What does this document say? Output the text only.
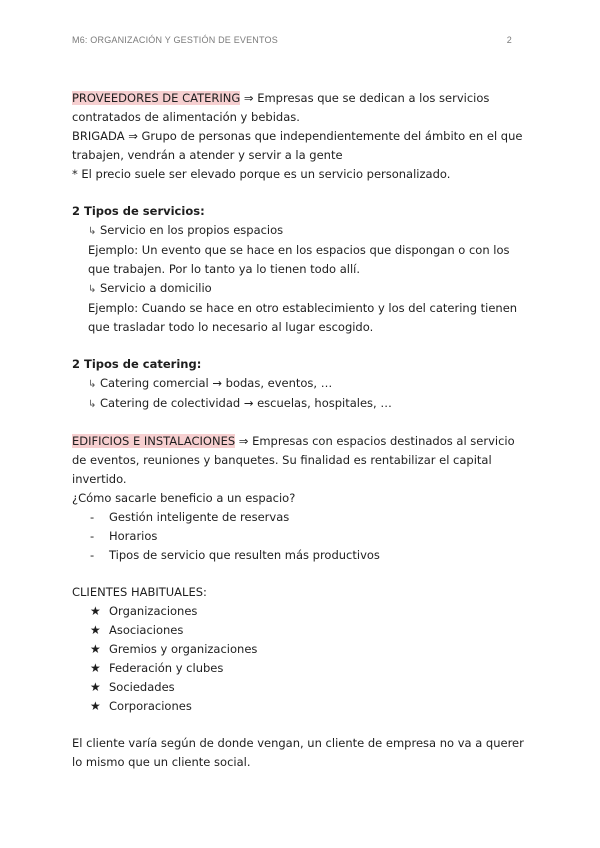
M6: ORGANIZACIÓN Y GESTIÓN DE EVENTOS	2

PROVEEDORES DE CATERING ⇒ Empresas que se dedican a los servicios contratados de alimentación y bebidas.

BRIGADA ⇒ Grupo de personas que independientemente del ámbito en el que trabajen, vendrán a atender y servir a la gente

* El precio suele ser elevado porque es un servicio personalizado.

2 Tipos de servicios:

↳ Servicio en los propios espacios

Ejemplo: Un evento que se hace en los espacios que dispongan o con los que trabajen. Por lo tanto ya lo tienen todo allí.

↳ Servicio a domicilio

Ejemplo: Cuando se hace en otro establecimiento y los del catering tienen que trasladar todo lo necesario al lugar escogido.

2 Tipos de catering:

↳ Catering comercial → bodas, eventos, …

↳ Catering de colectividad → escuelas, hospitales, …

EDIFICIOS E INSTALACIONES ⇒ Empresas con espacios destinados al servicio de eventos, reuniones y banquetes. Su finalidad es rentabilizar el capital invertido.

¿Cómo sacarle beneficio a un espacio?

- Gestión inteligente de reservas

- Horarios

- Tipos de servicio que resulten más productivos

CLIENTES HABITUALES:

★ Organizaciones

★ Asociaciones

★ Gremios y organizaciones

★ Federación y clubes

★ Sociedades

★ Corporaciones

El cliente varía según de donde vengan, un cliente de empresa no va a querer lo mismo que un cliente social.
